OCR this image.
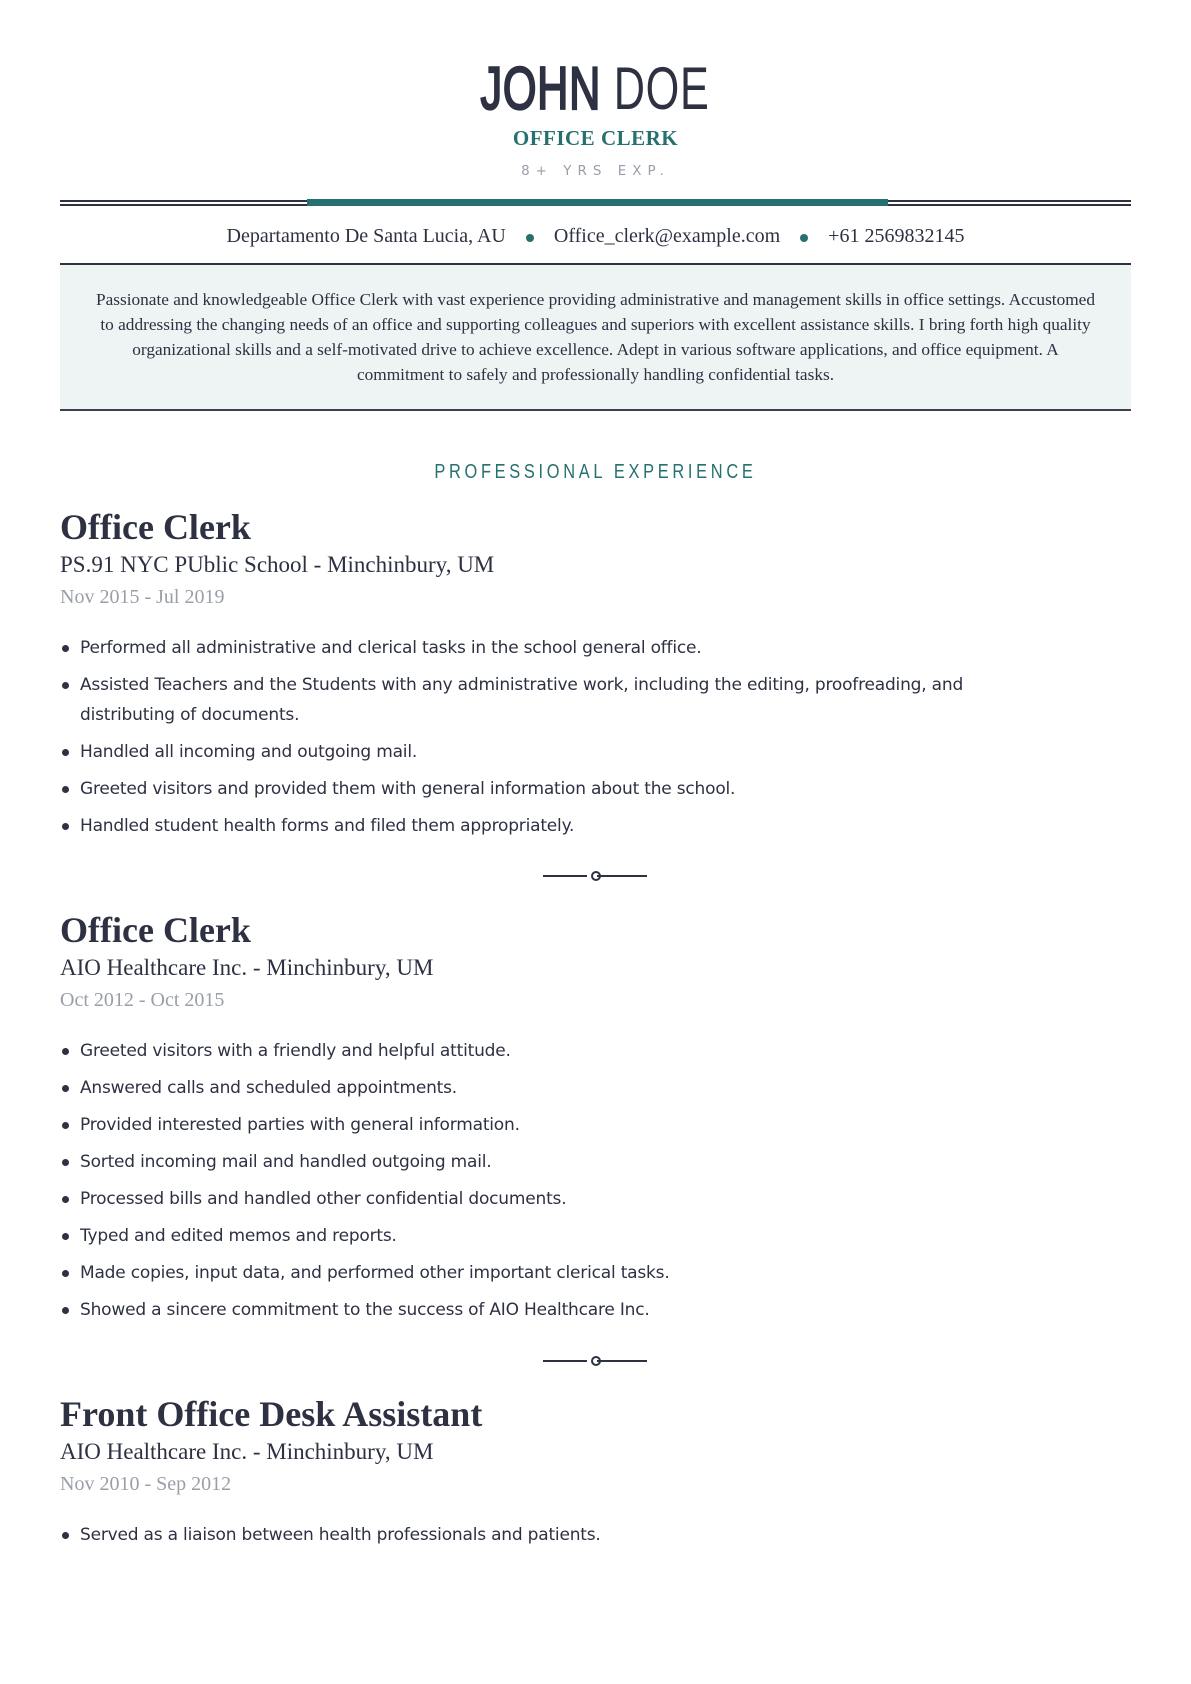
JOHN DOE
OFFICE CLERK
8+ YRS EXP.
Departamento De Santa Lucia, AU Office_clerk@example.com +61 2569832145
Passionate and knowledgeable Office Clerk with vast experience providing administrative and management skills in office settings. Accustomed to addressing the changing needs of an office and supporting colleagues and superiors with excellent assistance skills. I bring forth high quality organizational skills and a self-motivated drive to achieve excellence. Adept in various software applications, and office equipment. A commitment to safely and professionally handling confidential tasks.
PROFESSIONAL EXPERIENCE
Office Clerk
PS.91 NYC PUblic School - Minchinbury, UM
Nov 2015 - Jul 2019
Performed all administrative and clerical tasks in the school general office.
Assisted Teachers and the Students with any administrative work, including the editing, proofreading, and distributing of documents.
Handled all incoming and outgoing mail.
Greeted visitors and provided them with general information about the school.
Handled student health forms and filed them appropriately.
Office Clerk
AIO Healthcare Inc. - Minchinbury, UM
Oct 2012 - Oct 2015
Greeted visitors with a friendly and helpful attitude.
Answered calls and scheduled appointments.
Provided interested parties with general information.
Sorted incoming mail and handled outgoing mail.
Processed bills and handled other confidential documents.
Typed and edited memos and reports.
Made copies, input data, and performed other important clerical tasks.
Showed a sincere commitment to the success of AIO Healthcare Inc.
Front Office Desk Assistant
AIO Healthcare Inc. - Minchinbury, UM
Nov 2010 - Sep 2012
Served as a liaison between health professionals and patients.
